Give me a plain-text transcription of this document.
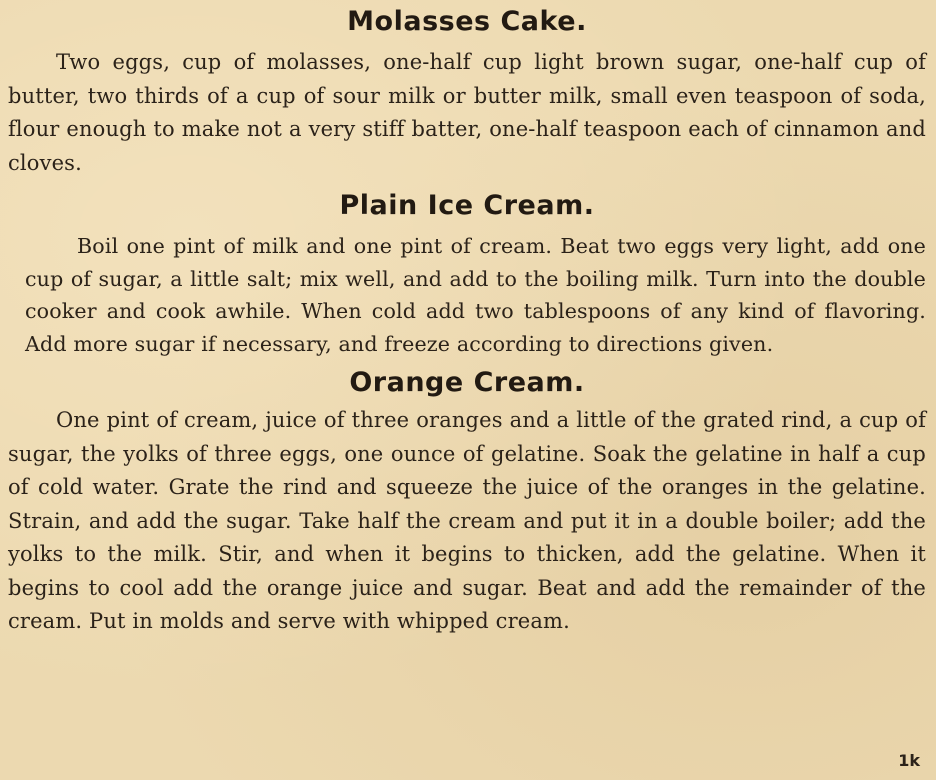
Molasses Cake.

Two eggs, cup of molasses, one-half cup light brown sugar, one-half cup of butter, two thirds of a cup of sour milk or butter milk, small even teaspoon of soda, flour enough to make not a very stiff batter, one-half teaspoon each of cinnamon and cloves.

Plain Ice Cream.

Boil one pint of milk and one pint of cream. Beat two eggs very light, add one cup of sugar, a little salt; mix well, and add to the boiling milk. Turn into the double cooker and cook awhile. When cold add two tablespoons of any kind of flavoring. Add more sugar if necessary, and freeze according to directions given.

Orange Cream.

One pint of cream, juice of three oranges and a little of the grated rind, a cup of sugar, the yolks of three eggs, one ounce of gelatine. Soak the gelatine in half a cup of cold water. Grate the rind and squeeze the juice of the oranges in the gelatine. Strain, and add the sugar. Take half the cream and put it in a double boiler; add the yolks to the milk. Stir, and when it begins to thicken, add the gelatine. When it begins to cool add the orange juice and sugar. Beat and add the remainder of the cream. Put in molds and serve with whipped cream.

1k
